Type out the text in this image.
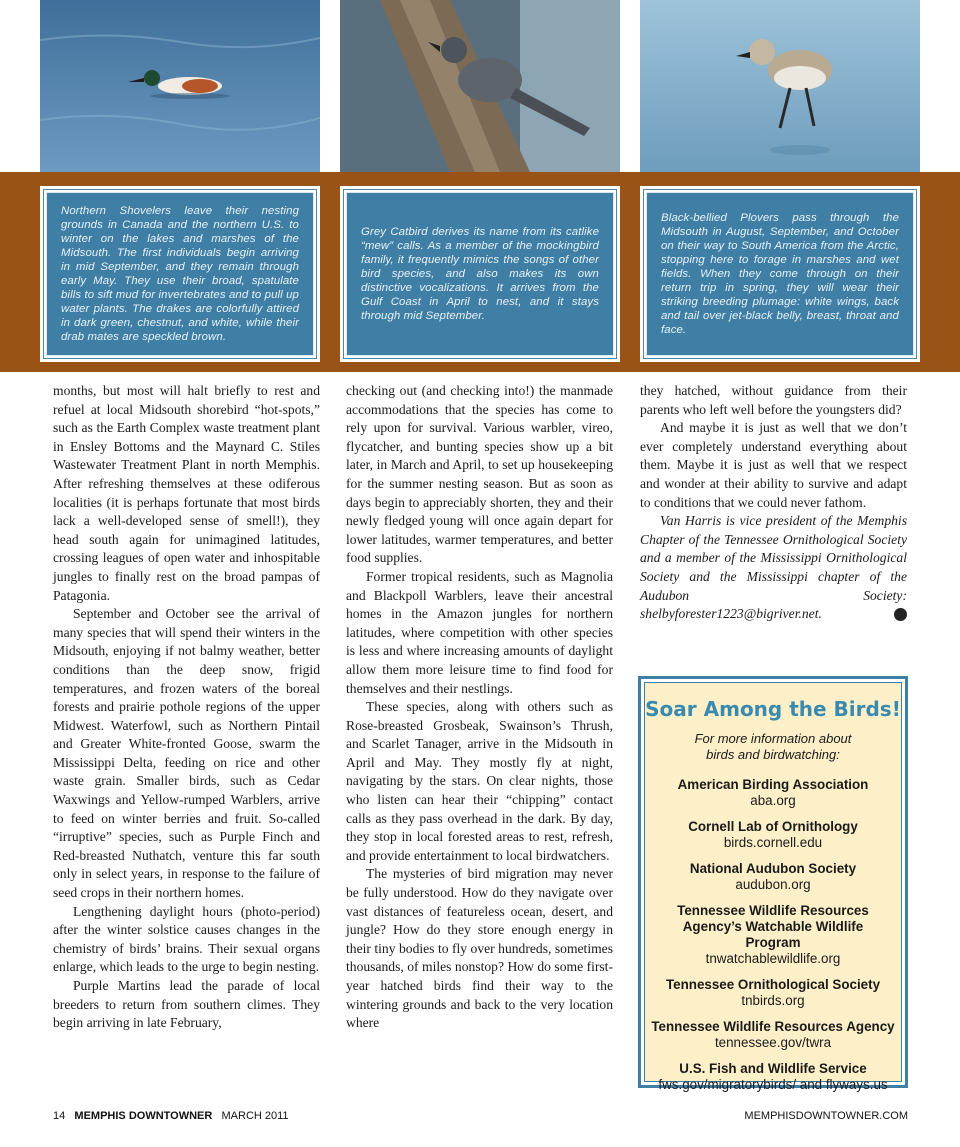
Northern Shovelers leave their nesting grounds in Canada and the northern U.S. to winter on the lakes and marshes of the Midsouth. The first individuals begin arriving in mid September, and they remain through early May. They use their broad, spatulate bills to sift mud for invertebrates and to pull up water plants. The drakes are colorfully attired in dark green, chestnut, and white, while their drab mates are speckled brown.

Grey Catbird derives its name from its catlike “mew” calls. As a member of the mockingbird family, it frequently mimics the songs of other bird species, and also makes its own distinctive vocalizations. It arrives from the Gulf Coast in April to nest, and it stays through mid September.

Black-bellied Plovers pass through the Midsouth in August, September, and October on their way to South America from the Arctic, stopping here to forage in marshes and wet fields. When they come through on their return trip in spring, they will wear their striking breeding plumage: white wings, back and tail over jet-black belly, breast, throat and face.

months, but most will halt briefly to rest and refuel at local Midsouth shorebird “hot-spots,” such as the Earth Complex waste treatment plant in Ensley Bottoms and the Maynard C. Stiles Wastewater Treatment Plant in north Memphis. After refreshing themselves at these odiferous localities (it is perhaps fortunate that most birds lack a well-developed sense of smell!), they head south again for unimagined latitudes, crossing leagues of open water and inhospitable jungles to finally rest on the broad pampas of Patagonia.

September and October see the arrival of many species that will spend their winters in the Midsouth, enjoying if not balmy weather, better conditions than the deep snow, frigid temperatures, and frozen waters of the boreal forests and prairie pothole regions of the upper Midwest. Waterfowl, such as Northern Pintail and Greater White-fronted Goose, swarm the Mississippi Delta, feeding on rice and other waste grain. Smaller birds, such as Cedar Waxwings and Yellow-rumped Warblers, arrive to feed on winter berries and fruit. So-called “irruptive” species, such as Purple Finch and Red-breasted Nuthatch, venture this far south only in select years, in response to the failure of seed crops in their northern homes.

Lengthening daylight hours (photo-period) after the winter solstice causes changes in the chemistry of birds’ brains. Their sexual organs enlarge, which leads to the urge to begin nesting.

Purple Martins lead the parade of local breeders to return from southern climes. They begin arriving in late February,

checking out (and checking into!) the manmade accommodations that the species has come to rely upon for survival. Various warbler, vireo, flycatcher, and bunting species show up a bit later, in March and April, to set up housekeeping for the summer nesting season. But as soon as days begin to appreciably shorten, they and their newly fledged young will once again depart for lower latitudes, warmer temperatures, and better food supplies.

Former tropical residents, such as Magnolia and Blackpoll Warblers, leave their ancestral homes in the Amazon jungles for northern latitudes, where competition with other species is less and where increasing amounts of daylight allow them more leisure time to find food for themselves and their nestlings.

These species, along with others such as Rose-breasted Grosbeak, Swainson’s Thrush, and Scarlet Tanager, arrive in the Midsouth in April and May. They mostly fly at night, navigating by the stars. On clear nights, those who listen can hear their “chipping” contact calls as they pass overhead in the dark. By day, they stop in local forested areas to rest, refresh, and provide entertainment to local birdwatchers.

The mysteries of bird migration may never be fully understood. How do they navigate over vast distances of featureless ocean, desert, and jungle? How do they store enough energy in their tiny bodies to fly over hundreds, sometimes thousands, of miles nonstop? How do some first-year hatched birds find their way to the wintering grounds and back to the very location where

they hatched, without guidance from their parents who left well before the youngsters did?

And maybe it is just as well that we don’t ever completely understand everything about them. Maybe it is just as well that we respect and wonder at their ability to survive and adapt to conditions that we could never fathom.

Van Harris is vice president of the Memphis Chapter of the Tennessee Ornithological Society and a member of the Mississippi Ornithological Society and the Mississippi chapter of the Audubon Society: shelbyforester1223@bigriver.net.	MD

Soar Among the Birds!
For more information about
birds and birdwatching:
American Birding Association
aba.org
Cornell Lab of Ornithology
birds.cornell.edu
National Audubon Society
audubon.org
Tennessee Wildlife Resources Agency’s Watchable Wildlife Program
tnwatchablewildlife.org
Tennessee Ornithological Society
tnbirds.org
Tennessee Wildlife Resources Agency
tennessee.gov/twra
U.S. Fish and Wildlife Service
fws.gov/migratorybirds/ and flyways.us
14 MEMPHIS DOWNTOWNER MARCH 2011	MEMPHISDOWNTOWNER.COM
